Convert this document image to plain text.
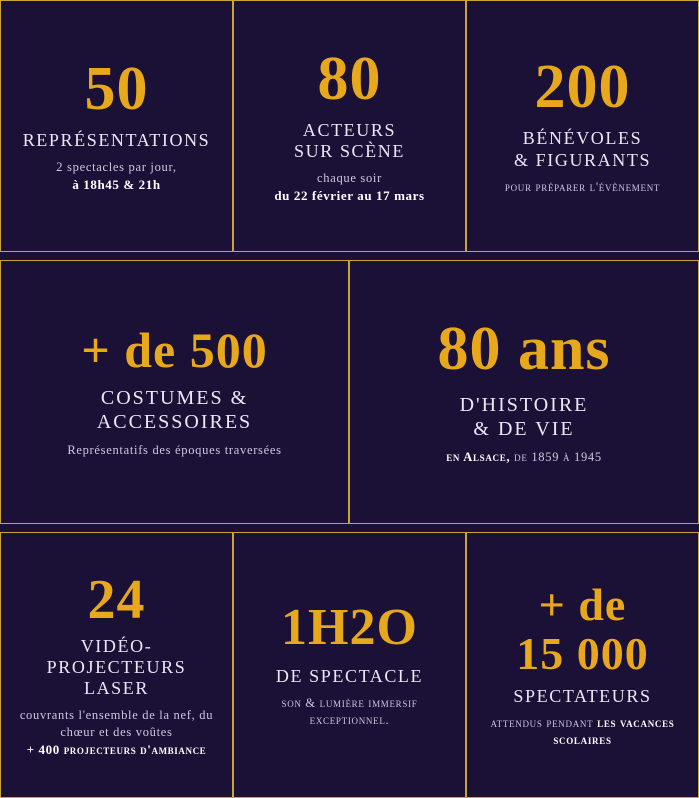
50
REPRÉSENTATIONS
2 spectacles par jour,
à 18h45 & 21h
80
ACTEURS
SUR SCÈNE
chaque soir
du 22 février au 17 mars
200
BÉNÉVOLES
& FIGURANTS
pour préparer l'évènement
+ de 500
COSTUMES &
ACCESSOIRES
Représentatifs des époques traversées
80 ans
D'HISTOIRE
& DE VIE
en Alsace, de 1859 à 1945
24
VIDÉO-PROJECTEURS
LASER
couvrants l'ensemble de la nef, du
chœur et des voûtes
+ 400 projecteurs d'ambiance
1H2O
DE SPECTACLE
son & lumière immersif
exceptionnel.
+ de
15 000
SPECTATEURS
attendus pendant les vacances
scolaires
